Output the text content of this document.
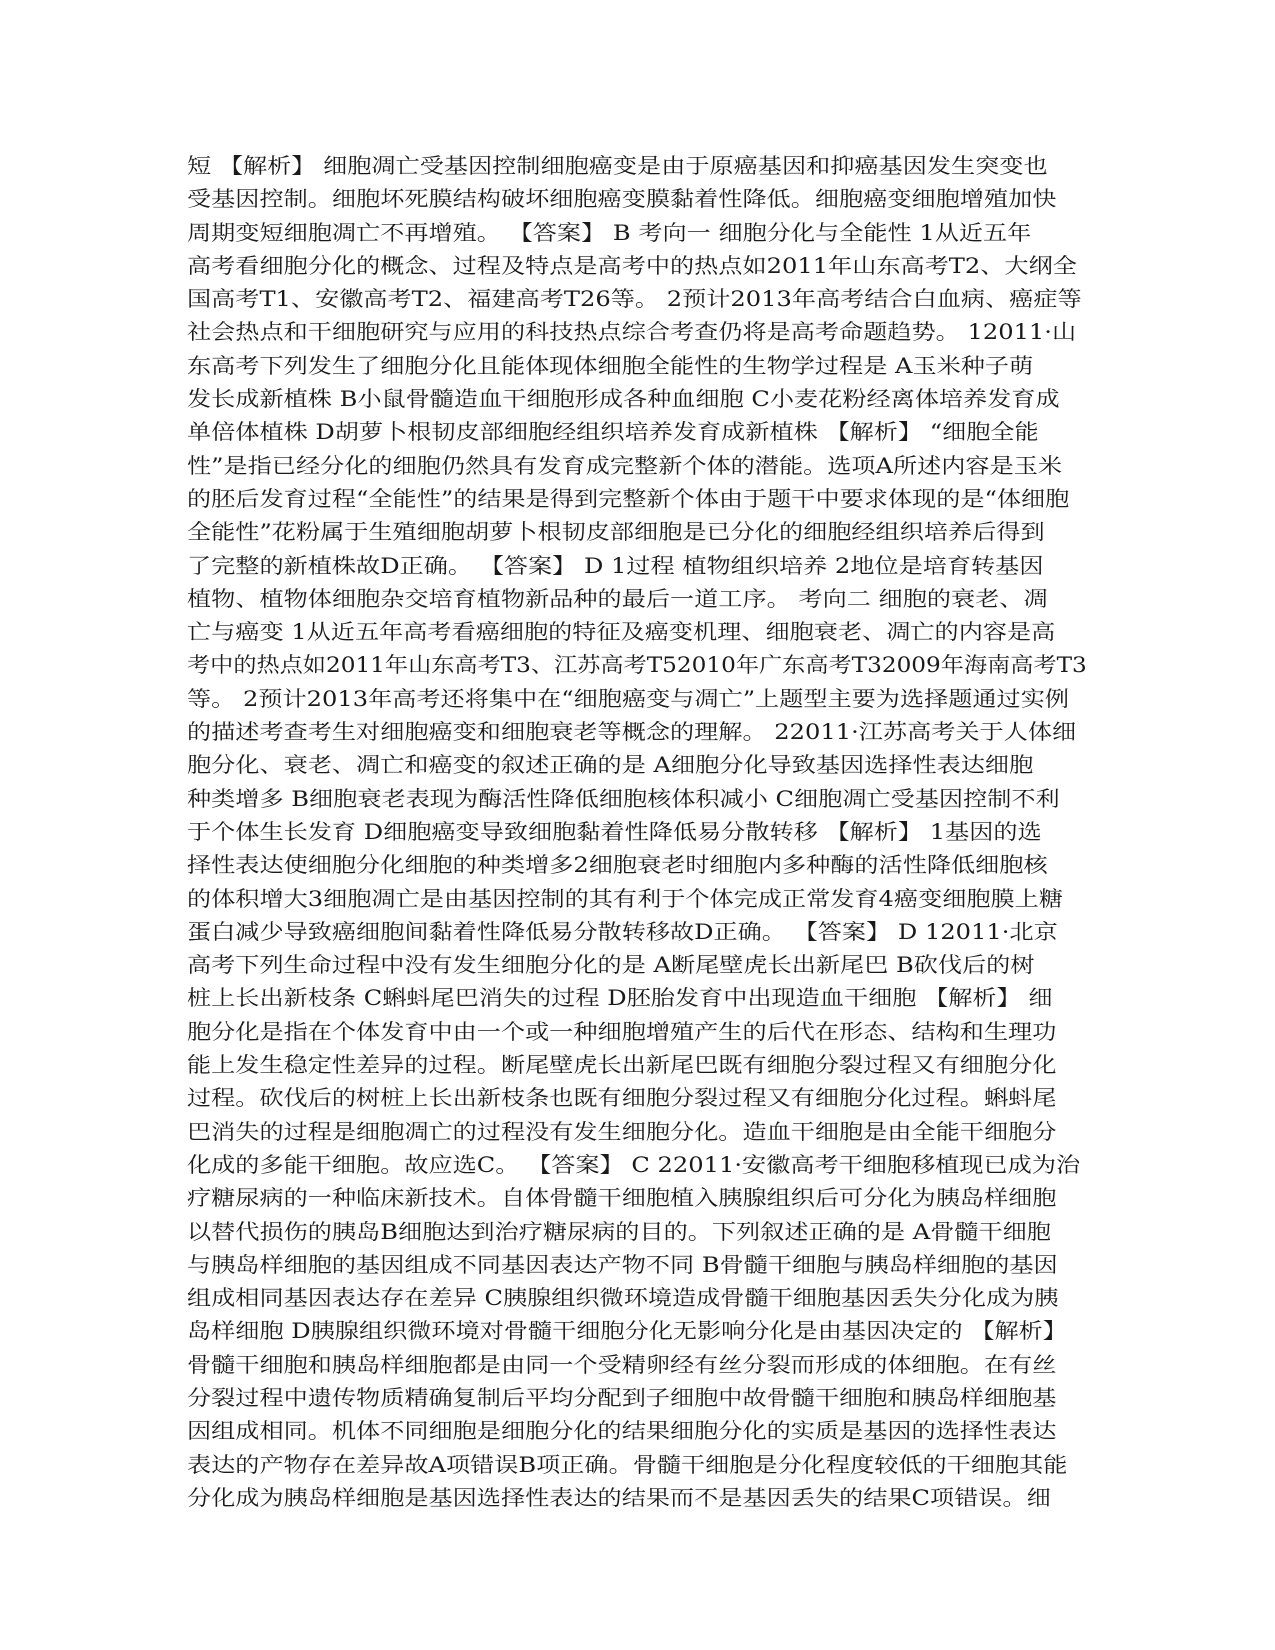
短 【解析】 细胞凋亡受基因控制细胞癌变是由于原癌基因和抑癌基因发生突变也
受基因控制。细胞坏死膜结构破坏细胞癌变膜黏着性降低。细胞癌变细胞增殖加快
周期变短细胞凋亡不再增殖。 【答案】 B 考向一 细胞分化与全能性 1从近五年
高考看细胞分化的概念、过程及特点是高考中的热点如2011年山东高考T2、大纲全
国高考T1、安徽高考T2、福建高考T26等。 2预计2013年高考结合白血病、癌症等
社会热点和干细胞研究与应用的科技热点综合考查仍将是高考命题趋势。 12011·山
东高考下列发生了细胞分化且能体现体细胞全能性的生物学过程是 A玉米种子萌
发长成新植株 B小鼠骨髓造血干细胞形成各种血细胞 C小麦花粉经离体培养发育成
单倍体植株 D胡萝卜根韧皮部细胞经组织培养发育成新植株 【解析】 “细胞全能
性”是指已经分化的细胞仍然具有发育成完整新个体的潜能。选项A所述内容是玉米
的胚后发育过程“全能性”的结果是得到完整新个体由于题干中要求体现的是“体细胞
全能性”花粉属于生殖细胞胡萝卜根韧皮部细胞是已分化的细胞经组织培养后得到
了完整的新植株故D正确。 【答案】 D 1过程 植物组织培养 2地位是培育转基因
植物、植物体细胞杂交培育植物新品种的最后一道工序。 考向二 细胞的衰老、凋
亡与癌变 1从近五年高考看癌细胞的特征及癌变机理、细胞衰老、凋亡的内容是高
考中的热点如2011年山东高考T3、江苏高考T52010年广东高考T32009年海南高考T3
等。 2预计2013年高考还将集中在“细胞癌变与凋亡”上题型主要为选择题通过实例
的描述考查考生对细胞癌变和细胞衰老等概念的理解。 22011·江苏高考关于人体细
胞分化、衰老、凋亡和癌变的叙述正确的是 A细胞分化导致基因选择性表达细胞
种类增多 B细胞衰老表现为酶活性降低细胞核体积减小 C细胞凋亡受基因控制不利
于个体生长发育 D细胞癌变导致细胞黏着性降低易分散转移 【解析】 1基因的选
择性表达使细胞分化细胞的种类增多2细胞衰老时细胞内多种酶的活性降低细胞核
的体积增大3细胞凋亡是由基因控制的其有利于个体完成正常发育4癌变细胞膜上糖
蛋白减少导致癌细胞间黏着性降低易分散转移故D正确。 【答案】 D 12011·北京
高考下列生命过程中没有发生细胞分化的是 A断尾壁虎长出新尾巴 B砍伐后的树
桩上长出新枝条 C蝌蚪尾巴消失的过程 D胚胎发育中出现造血干细胞 【解析】 细
胞分化是指在个体发育中由一个或一种细胞增殖产生的后代在形态、结构和生理功
能上发生稳定性差异的过程。断尾壁虎长出新尾巴既有细胞分裂过程又有细胞分化
过程。砍伐后的树桩上长出新枝条也既有细胞分裂过程又有细胞分化过程。蝌蚪尾
巴消失的过程是细胞凋亡的过程没有发生细胞分化。造血干细胞是由全能干细胞分
化成的多能干细胞。故应选C。 【答案】 C 22011·安徽高考干细胞移植现已成为治
疗糖尿病的一种临床新技术。自体骨髓干细胞植入胰腺组织后可分化为胰岛样细胞
以替代损伤的胰岛B细胞达到治疗糖尿病的目的。下列叙述正确的是 A骨髓干细胞
与胰岛样细胞的基因组成不同基因表达产物不同 B骨髓干细胞与胰岛样细胞的基因
组成相同基因表达存在差异 C胰腺组织微环境造成骨髓干细胞基因丢失分化成为胰
岛样细胞 D胰腺组织微环境对骨髓干细胞分化无影响分化是由基因决定的 【解析】
骨髓干细胞和胰岛样细胞都是由同一个受精卵经有丝分裂而形成的体细胞。在有丝
分裂过程中遗传物质精确复制后平均分配到子细胞中故骨髓干细胞和胰岛样细胞基
因组成相同。机体不同细胞是细胞分化的结果细胞分化的实质是基因的选择性表达
表达的产物存在差异故A项错误B项正确。骨髓干细胞是分化程度较低的干细胞其能
分化成为胰岛样细胞是基因选择性表达的结果而不是基因丢失的结果C项错误。细
